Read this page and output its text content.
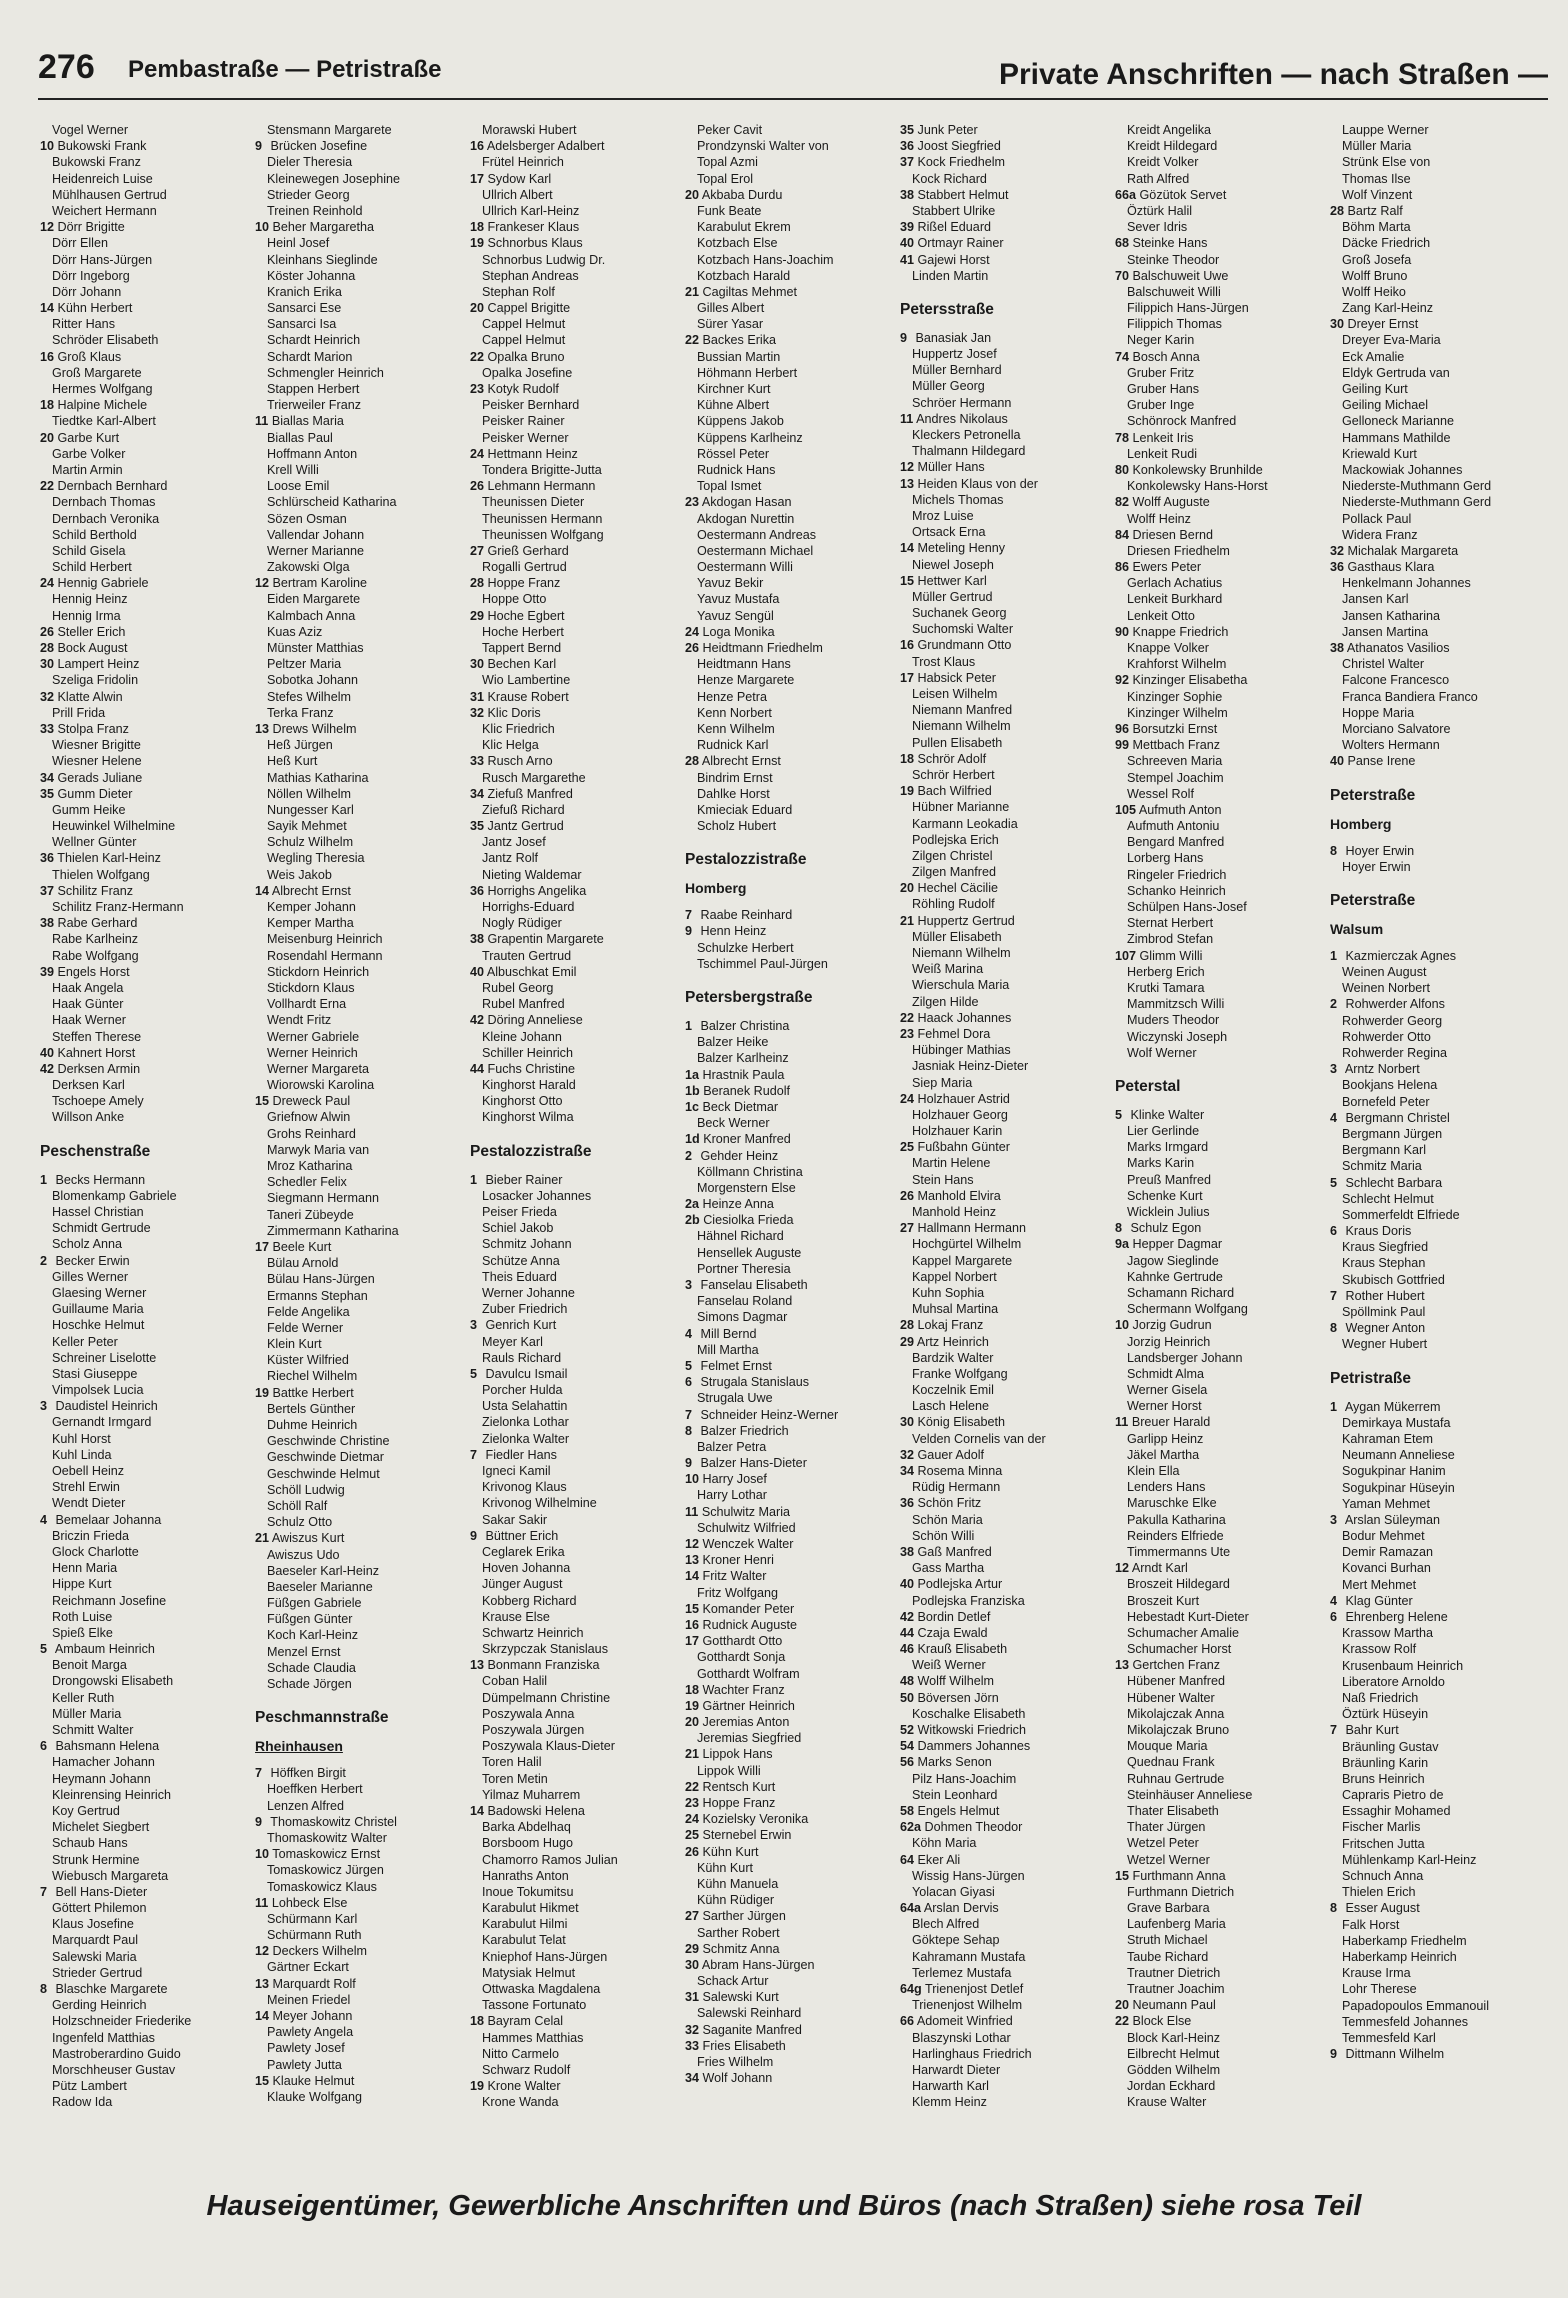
276 Pembastraße — Petristraße	Private Anschriften — nach Straßen —
Vogel Werner
10 Bukowski Frank
Bukowski Franz
Heidenreich Luise
Mühlhausen Gertrud
Weichert Hermann
12 Dörr Brigitte
Dörr Ellen
Dörr Hans-Jürgen
Dörr Ingeborg
Dörr Johann
14 Kühn Herbert
Ritter Hans
Schröder Elisabeth
16 Groß Klaus
Groß Margarete
Hermes Wolfgang
18 Halpine Michele
Tiedtke Karl-Albert
20 Garbe Kurt
Garbe Volker
Martin Armin
22 Dernbach Bernhard
Dernbach Thomas
Dernbach Veronika
Schild Berthold
Schild Gisela
Schild Herbert
24 Hennig Gabriele
Hennig Heinz
Hennig Irma
26 Steller Erich
28 Bock August
30 Lampert Heinz
Szeliga Fridolin
32 Klatte Alwin
Prill Frida
33 Stolpa Franz
Wiesner Brigitte
Wiesner Helene
34 Gerads Juliane
35 Gumm Dieter
Gumm Heike
Heuwinkel Wilhelmine
Wellner Günter
36 Thielen Karl-Heinz
Thielen Wolfgang
37 Schilitz Franz
Schilitz Franz-Hermann
38 Rabe Gerhard
Rabe Karlheinz
Rabe Wolfgang
39 Engels Horst
Haak Angela
Haak Günter
Haak Werner
Steffen Therese
40 Kahnert Horst
42 Derksen Armin
Derksen Karl
Tschoepe Amely
Willson Anke
Peschenstraße
1 Becks Hermann
Blomenkamp Gabriele
Hassel Christian
Schmidt Gertrude
Scholz Anna
2 Becker Erwin
Gilles Werner
Glaesing Werner
Guillaume Maria
Hoschke Helmut
Keller Peter
Schreiner Liselotte
Stasi Giuseppe
Vimpolsek Lucia
3 Daudistel Heinrich
Gernandt Irmgard
Kuhl Horst
Kuhl Linda
Oebell Heinz
Strehl Erwin
Wendt Dieter
4 Bemelaar Johanna
Briczin Frieda
Glock Charlotte
Henn Maria
Hippe Kurt
Reichmann Josefine
Roth Luise
Spieß Elke
5 Ambaum Heinrich
Benoit Marga
Drongowski Elisabeth
Keller Ruth
Müller Maria
Schmitt Walter
6 Bahsmann Helena
Hamacher Johann
Heymann Johann
Kleinrensing Heinrich
Koy Gertrud
Michelet Siegbert
Schaub Hans
Strunk Hermine
Wiebusch Margareta
7 Bell Hans-Dieter
Göttert Philemon
Klaus Josefine
Marquardt Paul
Salewski Maria
Strieder Gertrud
8 Blaschke Margarete
Gerding Heinrich
Holzschneider Friederike
Ingenfeld Matthias
Mastroberardino Guido
Morschheuser Gustav
Pütz Lambert
Radow Ida
Stensmann Margarete
9 Brücken Josefine
Dieler Theresia
Kleinewegen Josephine
Strieder Georg
Treinen Reinhold
10 Beher Margaretha
Heinl Josef
Kleinhans Sieglinde
Köster Johanna
Kranich Erika
Sansarci Ese
Sansarci Isa
Schardt Heinrich
Schardt Marion
Schmengler Heinrich
Stappen Herbert
Trierweiler Franz
11 Biallas Maria
Biallas Paul
Hoffmann Anton
Krell Willi
Loose Emil
Schlürscheid Katharina
Sözen Osman
Vallendar Johann
Werner Marianne
Zakowski Olga
12 Bertram Karoline
Eiden Margarete
Kalmbach Anna
Kuas Aziz
Münster Matthias
Peltzer Maria
Sobotka Johann
Stefes Wilhelm
Terka Franz
13 Drews Wilhelm
Heß Jürgen
Heß Kurt
Mathias Katharina
Nöllen Wilhelm
Nungesser Karl
Sayik Mehmet
Schulz Wilhelm
Wegling Theresia
Weis Jakob
14 Albrecht Ernst
Kemper Johann
Kemper Martha
Meisenburg Heinrich
Rosendahl Hermann
Stickdorn Heinrich
Stickdorn Klaus
Vollhardt Erna
Wendt Fritz
Werner Gabriele
Werner Heinrich
Werner Margareta
Wiorowski Karolina
15 Dreweck Paul
Griefnow Alwin
Grohs Reinhard
Marwyk Maria van
Mroz Katharina
Schedler Felix
Siegmann Hermann
Taneri Zübeyde
Zimmermann Katharina
17 Beele Kurt
Bülau Arnold
Bülau Hans-Jürgen
Ermanns Stephan
Felde Angelika
Felde Werner
Klein Kurt
Küster Wilfried
Riechel Wilhelm
19 Battke Herbert
Bertels Günther
Duhme Heinrich
Geschwinde Christine
Geschwinde Dietmar
Geschwinde Helmut
Schöll Ludwig
Schöll Ralf
Schulz Otto
21 Awiszus Kurt
Awiszus Udo
Baeseler Karl-Heinz
Baeseler Marianne
Füßgen Gabriele
Füßgen Günter
Koch Karl-Heinz
Menzel Ernst
Schade Claudia
Schade Jörgen
Peschmannstraße
Rheinhausen
7 Höffken Birgit
Hoeffken Herbert
Lenzen Alfred
9 Thomaskowitz Christel
Thomaskowitz Walter
10 Tomaskowicz Ernst
Tomaskowicz Jürgen
Tomaskowicz Klaus
11 Lohbeck Else
Schürmann Karl
Schürmann Ruth
12 Deckers Wilhelm
Gärtner Eckart
13 Marquardt Rolf
Meinen Friedel
14 Meyer Johann
Pawlety Angela
Pawlety Josef
Pawlety Jutta
15 Klauke Helmut
Klauke Wolfgang
Morawski Hubert
16 Adelsberger Adalbert
Frütel Heinrich
17 Sydow Karl
Ullrich Albert
Ullrich Karl-Heinz
18 Frankeser Klaus
19 Schnorbus Klaus
Schnorbus Ludwig Dr.
Stephan Andreas
Stephan Rolf
20 Cappel Brigitte
Cappel Helmut
Cappel Helmut
22 Opalka Bruno
Opalka Josefine
23 Kotyk Rudolf
Peisker Bernhard
Peisker Rainer
Peisker Werner
24 Hettmann Heinz
Tondera Brigitte-Jutta
26 Lehmann Hermann
Theunissen Dieter
Theunissen Hermann
Theunissen Wolfgang
27 Grieß Gerhard
Rogalli Gertrud
28 Hoppe Franz
Hoppe Otto
29 Hoche Egbert
Hoche Herbert
Tappert Bernd
30 Bechen Karl
Wio Lambertine
31 Krause Robert
32 Klic Doris
Klic Friedrich
Klic Helga
33 Rusch Arno
Rusch Margarethe
34 Ziefuß Manfred
Ziefuß Richard
35 Jantz Gertrud
Jantz Josef
Jantz Rolf
Nieting Waldemar
36 Horrighs Angelika
Horrighs-Eduard
Nogly Rüdiger
38 Grapentin Margarete
Trauten Gertrud
40 Albuschkat Emil
Rubel Georg
Rubel Manfred
42 Döring Anneliese
Kleine Johann
Schiller Heinrich
44 Fuchs Christine
Kinghorst Harald
Kinghorst Otto
Kinghorst Wilma
Pestalozzistraße
1 Bieber Rainer
Losacker Johannes
Peiser Frieda
Schiel Jakob
Schmitz Johann
Schütze Anna
Theis Eduard
Werner Johanne
Zuber Friedrich
3 Genrich Kurt
Meyer Karl
Rauls Richard
5 Davulcu Ismail
Porcher Hulda
Usta Selahattin
Zielonka Lothar
Zielonka Walter
7 Fiedler Hans
Igneci Kamil
Krivonog Klaus
Krivonog Wilhelmine
Sakar Sakir
9 Büttner Erich
Ceglarek Erika
Hoven Johanna
Jünger August
Kobberg Richard
Krause Else
Schwartz Heinrich
Skrzypczak Stanislaus
13 Bonmann Franziska
Coban Halil
Dümpelmann Christine
Poszywala Anna
Poszywala Jürgen
Poszywala Klaus-Dieter
Toren Halil
Toren Metin
Yilmaz Muharrem
14 Badowski Helena
Barka Abdelhaq
Borsboom Hugo
Chamorro Ramos Julian
Hanraths Anton
Inoue Tokumitsu
Karabulut Hikmet
Karabulut Hilmi
Karabulut Telat
Kniephof Hans-Jürgen
Matysiak Helmut
Ottwaska Magdalena
Tassone Fortunato
18 Bayram Celal
Hammes Matthias
Nitto Carmelo
Schwarz Rudolf
19 Krone Walter
Krone Wanda
Peker Cavit
Prondzynski Walter von
Topal Azmi
Topal Erol
20 Akbaba Durdu
Funk Beate
Karabulut Ekrem
Kotzbach Else
Kotzbach Hans-Joachim
Kotzbach Harald
21 Cagiltas Mehmet
Gilles Albert
Sürer Yasar
22 Backes Erika
Bussian Martin
Höhmann Herbert
Kirchner Kurt
Kühne Albert
Küppens Jakob
Küppens Karlheinz
Rössel Peter
Rudnick Hans
Topal Ismet
23 Akdogan Hasan
Akdogan Nurettin
Oestermann Andreas
Oestermann Michael
Oestermann Willi
Yavuz Bekir
Yavuz Mustafa
Yavuz Sengül
24 Loga Monika
26 Heidtmann Friedhelm
Heidtmann Hans
Henze Margarete
Henze Petra
Kenn Norbert
Kenn Wilhelm
Rudnick Karl
28 Albrecht Ernst
Bindrim Ernst
Dahlke Horst
Kmieciak Eduard
Scholz Hubert
Pestalozzistraße
Homberg
7 Raabe Reinhard
9 Henn Heinz
Schulzke Herbert
Tschimmel Paul-Jürgen
Petersbergstraße
1 Balzer Christina
Balzer Heike
Balzer Karlheinz
1a Hrastnik Paula
1b Beranek Rudolf
1c Beck Dietmar
Beck Werner
1d Kroner Manfred
2 Gehder Heinz
Köllmann Christina
Morgenstern Else
2a Heinze Anna
2b Ciesiolka Frieda
Hähnel Richard
Hensellek Auguste
Portner Theresia
3 Fanselau Elisabeth
Fanselau Roland
Simons Dagmar
4 Mill Bernd
Mill Martha
5 Felmet Ernst
6 Strugala Stanislaus
Strugala Uwe
7 Schneider Heinz-Werner
8 Balzer Friedrich
Balzer Petra
9 Balzer Hans-Dieter
10 Harry Josef
Harry Lothar
11 Schulwitz Maria
Schulwitz Wilfried
12 Wenczek Walter
13 Kroner Henri
14 Fritz Walter
Fritz Wolfgang
15 Komander Peter
16 Rudnick Auguste
17 Gotthardt Otto
Gotthardt Sonja
Gotthardt Wolfram
18 Wachter Franz
19 Gärtner Heinrich
20 Jeremias Anton
Jeremias Siegfried
21 Lippok Hans
Lippok Willi
22 Rentsch Kurt
23 Hoppe Franz
24 Kozielsky Veronika
25 Sternebel Erwin
26 Kühn Kurt
Kühn Kurt
Kühn Manuela
Kühn Rüdiger
27 Sarther Jürgen
Sarther Robert
29 Schmitz Anna
30 Abram Hans-Jürgen
Schack Artur
31 Salewski Kurt
Salewski Reinhard
32 Saganite Manfred
33 Fries Elisabeth
Fries Wilhelm
34 Wolf Johann
35 Junk Peter
36 Joost Siegfried
37 Kock Friedhelm
Kock Richard
38 Stabbert Helmut
Stabbert Ulrike
39 Rißel Eduard
40 Ortmayr Rainer
41 Gajewi Horst
Linden Martin
Petersstraße
9 Banasiak Jan
Huppertz Josef
Müller Bernhard
Müller Georg
Schröer Hermann
11 Andres Nikolaus
Kleckers Petronella
Thalmann Hildegard
12 Müller Hans
13 Heiden Klaus von der
Michels Thomas
Mroz Luise
Ortsack Erna
14 Meteling Henny
Niewel Joseph
15 Hettwer Karl
Müller Gertrud
Suchanek Georg
Suchomski Walter
16 Grundmann Otto
Trost Klaus
17 Habsick Peter
Leisen Wilhelm
Niemann Manfred
Niemann Wilhelm
Pullen Elisabeth
18 Schrör Adolf
Schrör Herbert
19 Bach Wilfried
Hübner Marianne
Karmann Leokadia
Podlejska Erich
Zilgen Christel
Zilgen Manfred
20 Hechel Cäcilie
Röhling Rudolf
21 Huppertz Gertrud
Müller Elisabeth
Niemann Wilhelm
Weiß Marina
Wierschula Maria
Zilgen Hilde
22 Haack Johannes
23 Fehmel Dora
Hübinger Mathias
Jasniak Heinz-Dieter
Siep Maria
24 Holzhauer Astrid
Holzhauer Georg
Holzhauer Karin
25 Fußbahn Günter
Martin Helene
Stein Hans
26 Manhold Elvira
Manhold Heinz
27 Hallmann Hermann
Hochgürtel Wilhelm
Kappel Margarete
Kappel Norbert
Kuhn Sophia
Muhsal Martina
28 Lokaj Franz
29 Artz Heinrich
Bardzik Walter
Franke Wolfgang
Koczelnik Emil
Lasch Helene
30 König Elisabeth
Velden Cornelis van der
32 Gauer Adolf
34 Rosema Minna
Rüdig Hermann
36 Schön Fritz
Schön Maria
Schön Willi
38 Gaß Manfred
Gass Martha
40 Podlejska Artur
Podlejska Franziska
42 Bordin Detlef
44 Czaja Ewald
46 Krauß Elisabeth
Weiß Werner
48 Wolff Wilhelm
50 Böversen Jörn
Koschalke Elisabeth
52 Witkowski Friedrich
54 Dammers Johannes
56 Marks Senon
Pilz Hans-Joachim
Stein Leonhard
58 Engels Helmut
62a Dohmen Theodor
Köhn Maria
64 Eker Ali
Wissig Hans-Jürgen
Yolacan Giyasi
64a Arslan Dervis
Blech Alfred
Göktepe Sehap
Kahramann Mustafa
Terlemez Mustafa
64g Trienenjost Detlef
Trienenjost Wilhelm
66 Adomeit Winfried
Blaszynski Lothar
Harlinghaus Friedrich
Harwardt Dieter
Harwarth Karl
Klemm Heinz
Kreidt Angelika
Kreidt Hildegard
Kreidt Volker
Rath Alfred
66a Gözütok Servet
Öztürk Halil
Sever Idris
68 Steinke Hans
Steinke Theodor
70 Balschuweit Uwe
Balschuweit Willi
Filippich Hans-Jürgen
Filippich Thomas
Neger Karin
74 Bosch Anna
Gruber Fritz
Gruber Hans
Gruber Inge
Schönrock Manfred
78 Lenkeit Iris
Lenkeit Rudi
80 Konkolewsky Brunhilde
Konkolewsky Hans-Horst
82 Wolff Auguste
Wolff Heinz
84 Driesen Bernd
Driesen Friedhelm
86 Ewers Peter
Gerlach Achatius
Lenkeit Burkhard
Lenkeit Otto
90 Knappe Friedrich
Knappe Volker
Krahforst Wilhelm
92 Kinzinger Elisabetha
Kinzinger Sophie
Kinzinger Wilhelm
96 Borsutzki Ernst
99 Mettbach Franz
Schreeven Maria
Stempel Joachim
Wessel Rolf
105 Aufmuth Anton
Aufmuth Antoniu
Bengard Manfred
Lorberg Hans
Ringeler Friedrich
Schanko Heinrich
Schülpen Hans-Josef
Sternat Herbert
Zimbrod Stefan
107 Glimm Willi
Herberg Erich
Krutki Tamara
Mammitzsch Willi
Muders Theodor
Wiczynski Joseph
Wolf Werner
Peterstal
5 Klinke Walter
Lier Gerlinde
Marks Irmgard
Marks Karin
Preuß Manfred
Schenke Kurt
Wicklein Julius
8 Schulz Egon
9a Hepper Dagmar
Jagow Sieglinde
Kahnke Gertrude
Schamann Richard
Schermann Wolfgang
10 Jorzig Gudrun
Jorzig Heinrich
Landsberger Johann
Schmidt Alma
Werner Gisela
Werner Horst
11 Breuer Harald
Garlipp Heinz
Jäkel Martha
Klein Ella
Lenders Hans
Maruschke Elke
Pakulla Katharina
Reinders Elfriede
Timmermanns Ute
12 Arndt Karl
Broszeit Hildegard
Broszeit Kurt
Hebestadt Kurt-Dieter
Schumacher Amalie
Schumacher Horst
13 Gertchen Franz
Hübener Manfred
Hübener Walter
Mikolajczak Anna
Mikolajczak Bruno
Mouque Maria
Quednau Frank
Ruhnau Gertrude
Steinhäuser Anneliese
Thater Elisabeth
Thater Jürgen
Wetzel Peter
Wetzel Werner
15 Furthmann Anna
Furthmann Dietrich
Grave Barbara
Laufenberg Maria
Struth Michael
Taube Richard
Trautner Dietrich
Trautner Joachim
20 Neumann Paul
22 Block Else
Block Karl-Heinz
Eilbrecht Helmut
Gödden Wilhelm
Jordan Eckhard
Krause Walter
Lauppe Werner
Müller Maria
Strünk Else von
Thomas Ilse
Wolf Vinzent
28 Bartz Ralf
Böhm Marta
Däcke Friedrich
Groß Josefa
Wolff Bruno
Wolff Heiko
Zang Karl-Heinz
30 Dreyer Ernst
Dreyer Eva-Maria
Eck Amalie
Eldyk Gertruda van
Geiling Kurt
Geiling Michael
Gelloneck Marianne
Hammans Mathilde
Kriewald Kurt
Mackowiak Johannes
Niederste-Muthmann Gerd
Niederste-Muthmann Gerd
Pollack Paul
Widera Franz
32 Michalak Margareta
36 Gasthaus Klara
Henkelmann Johannes
Jansen Karl
Jansen Katharina
Jansen Martina
38 Athanatos Vasilios
Christel Walter
Falcone Francesco
Franca Bandiera Franco
Hoppe Maria
Morciano Salvatore
Wolters Hermann
40 Panse Irene
Peterstraße
Homberg
8 Hoyer Erwin
Hoyer Erwin
Peterstraße
Walsum
1 Kazmierczak Agnes
Weinen August
Weinen Norbert
2 Rohwerder Alfons
Rohwerder Georg
Rohwerder Otto
Rohwerder Regina
3 Arntz Norbert
Bookjans Helena
Bornefeld Peter
4 Bergmann Christel
Bergmann Jürgen
Bergmann Karl
Schmitz Maria
5 Schlecht Barbara
Schlecht Helmut
Sommerfeldt Elfriede
6 Kraus Doris
Kraus Siegfried
Kraus Stephan
Skubisch Gottfried
7 Rother Hubert
Spöllmink Paul
8 Wegner Anton
Wegner Hubert
Petristraße
1 Aygan Mükerrem
Demirkaya Mustafa
Kahraman Etem
Neumann Anneliese
Sogukpinar Hanim
Sogukpinar Hüseyin
Yaman Mehmet
3 Arslan Süleyman
Bodur Mehmet
Demir Ramazan
Kovanci Burhan
Mert Mehmet
4 Klag Günter
6 Ehrenberg Helene
Krassow Martha
Krassow Rolf
Krusenbaum Heinrich
Liberatore Arnoldo
Naß Friedrich
Öztürk Hüseyin
7 Bahr Kurt
Bräunling Gustav
Bräunling Karin
Bruns Heinrich
Capraris Pietro de
Essaghir Mohamed
Fischer Marlis
Fritschen Jutta
Mühlenkamp Karl-Heinz
Schnuch Anna
Thielen Erich
8 Esser August
Falk Horst
Haberkamp Friedhelm
Haberkamp Heinrich
Krause Irma
Lohr Therese
Papadopoulos Emmanouil
Temmesfeld Johannes
Temmesfeld Karl
9 Dittmann Wilhelm
Hauseigentümer, Gewerbliche Anschriften und Büros (nach Straßen) siehe rosa Teil
